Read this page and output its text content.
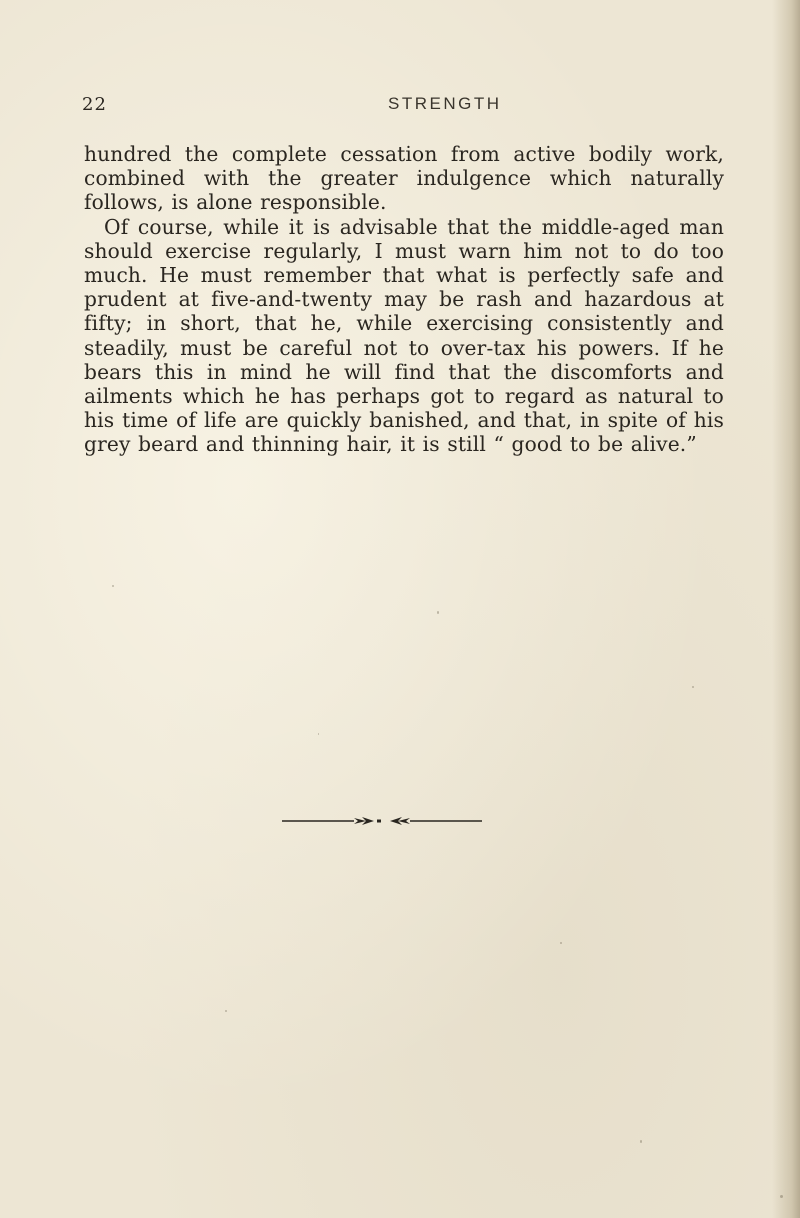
22	STRENGTH

hundred the complete cessation from active bodily work, combined with the greater indulgence which naturally follows, is alone responsible.

Of course, while it is advisable that the middle-aged man should exercise regularly, I must warn him not to do too much. He must remember that what is perfectly safe and prudent at five-and-twenty may be rash and hazardous at fifty; in short, that he, while exercising consistently and steadily, must be careful not to over-tax his powers. If he bears this in mind he will find that the discomforts and ailments which he has perhaps got to regard as natural to his time of life are quickly banished, and that, in spite of his grey beard and thinning hair, it is still “ good to be alive.”
